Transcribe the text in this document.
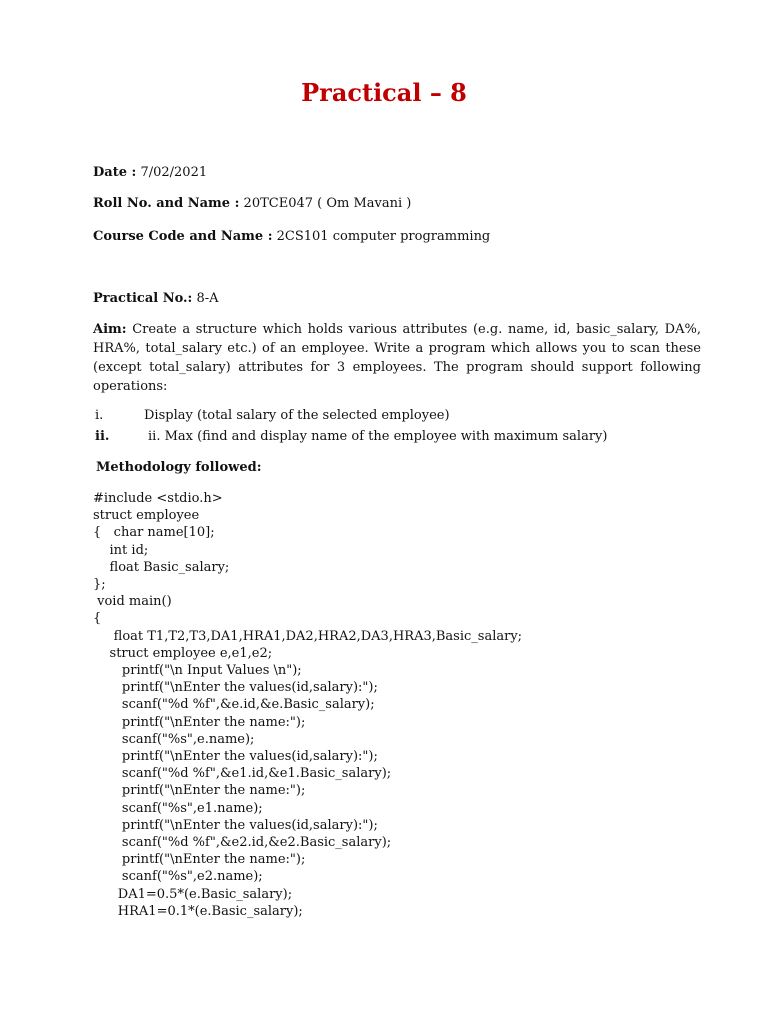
Practical – 8
Date : 7/02/2021
Roll No. and Name : 20TCE047 ( Om Mavani )
Course Code and Name : 2CS101 computer programming
Practical No.: 8-A
Aim: Create a structure which holds various attributes (e.g. name, id, basic_salary, DA%, HRA%, total_salary etc.) of an employee. Write a program which allows you to scan these (except total_salary) attributes for 3 employees. The program should support following operations:
i.	Display (total salary of the selected employee)
ii.	ii. Max (find and display name of the employee with maximum salary)
Methodology followed:
#include <stdio.h>
struct employee
{   char name[10];
int id;
float Basic_salary;
};
void main()
{
float T1,T2,T3,DA1,HRA1,DA2,HRA2,DA3,HRA3,Basic_salary;
struct employee e,e1,e2;
printf("\n Input Values \n");
printf("\nEnter the values(id,salary):");
scanf("%d %f",&e.id,&e.Basic_salary);
printf("\nEnter the name:");
scanf("%s",e.name);
printf("\nEnter the values(id,salary):");
scanf("%d %f",&e1.id,&e1.Basic_salary);
printf("\nEnter the name:");
scanf("%s",e1.name);
printf("\nEnter the values(id,salary):");
scanf("%d %f",&e2.id,&e2.Basic_salary);
printf("\nEnter the name:");
scanf("%s",e2.name);
DA1=0.5*(e.Basic_salary);
HRA1=0.1*(e.Basic_salary);
